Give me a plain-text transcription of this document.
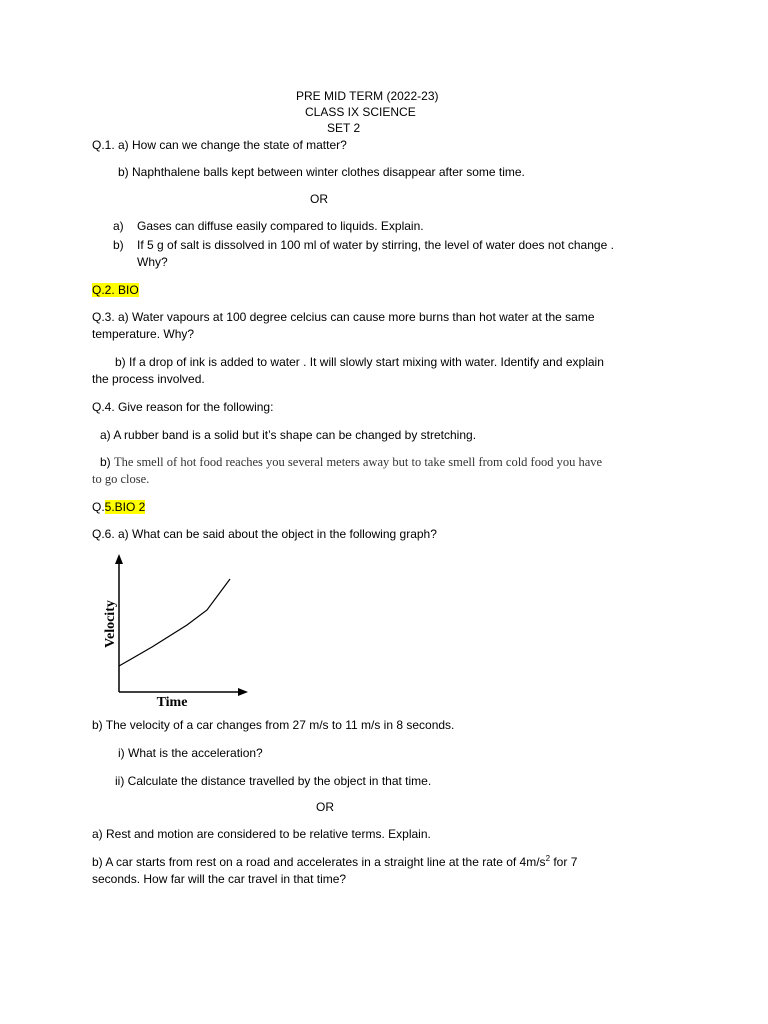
PRE MID TERM (2022-23)
CLASS IX SCIENCE
SET 2
Q.1. a) How can we change the state of matter?
b) Naphthalene balls kept between winter clothes disappear after some time.
OR
a) Gases can diffuse easily compared to liquids. Explain.
b) If 5 g of salt is dissolved in 100 ml of water by stirring, the level of water does not change .
Why?
Q.2. BIO
Q.3. a) Water vapours at 100 degree celcius can cause more burns than hot water at the same
temperature. Why?
b) If a drop of ink is added to water . It will slowly start mixing with water. Identify and explain
the process involved.
Q.4. Give reason for the following:
a) A rubber band is a solid but it’s shape can be changed by stretching.
b) The smell of hot food reaches you several meters away but to take smell from cold food you have
to go close.
Q.5.BIO 2
Q.6. a) What can be said about the object in the following graph?
Velocity
Time
b) The velocity of a car changes from 27 m/s to 11 m/s in 8 seconds.
i) What is the acceleration?
ii) Calculate the distance travelled by the object in that time.
OR
a) Rest and motion are considered to be relative terms. Explain.
b) A car starts from rest on a road and accelerates in a straight line at the rate of $4m/s^2$ for 7
seconds. How far will the car travel in that time?
